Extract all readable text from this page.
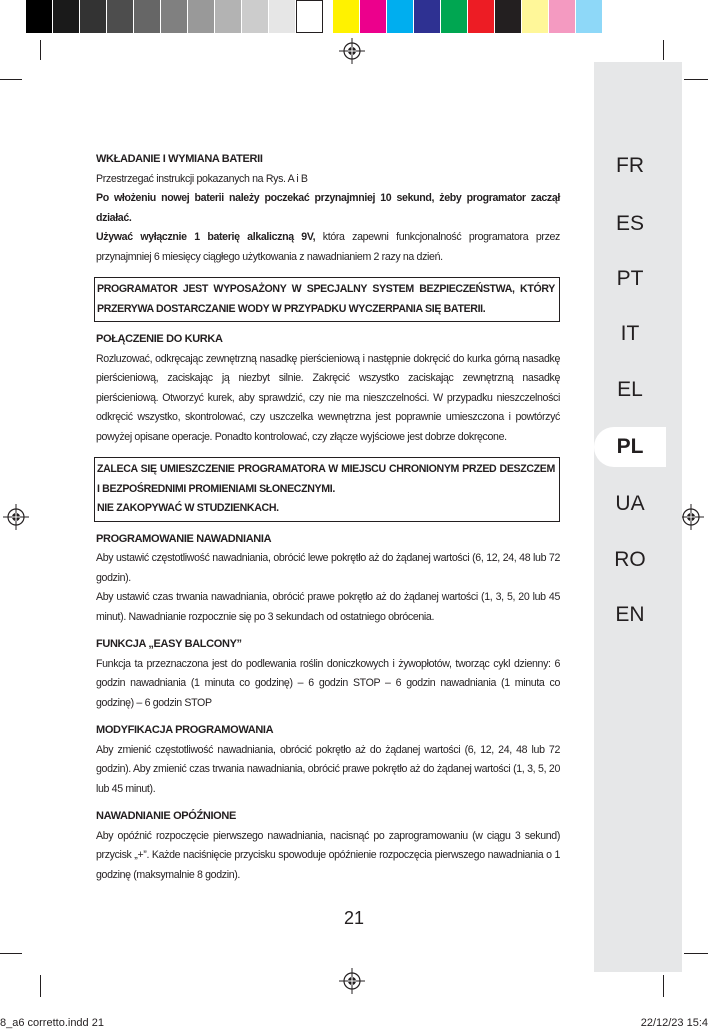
FR
ES
PT
IT
EL
PL
UA
RO
EN

WKŁADANIE I WYMIANA BATERII

Przestrzegać instrukcji pokazanych na Rys. A i B

Po włożeniu nowej baterii należy poczekać przynajmniej 10 sekund, żeby programator zaczął działać.

Używać wyłącznie 1 baterię alkaliczną 9V, która zapewni funkcjonalność programatora przez przynajmniej 6 miesięcy ciągłego użytkowania z nawadnianiem 2 razy na dzień.

PROGRAMATOR JEST WYPOSAŻONY W SPECJALNY SYSTEM BEZPIECZEŃSTWA, KTÓRY PRZERYWA DOSTARCZANIE WODY W PRZYPADKU WYCZERPANIA SIĘ BATERII.

POŁĄCZENIE DO KURKA

Rozluzować, odkręcając zewnętrzną nasadkę pierścieniową i następnie dokręcić do kurka górną nasadkę pierścieniową, zaciskając ją niezbyt silnie. Zakręcić wszystko zaciskając zewnętrzną nasadkę pierścieniową. Otworzyć kurek, aby sprawdzić, czy nie ma nieszczelności. W przypadku nieszczelności odkręcić wszystko, skontrolować, czy uszczelka wewnętrzna jest poprawnie umieszczona i powtórzyć powyżej opisane operacje. Ponadto kontrolować, czy złącze wyjściowe jest dobrze dokręcone.

ZALECA SIĘ UMIESZCZENIE PROGRAMATORA W MIEJSCU CHRONIONYM PRZED DESZCZEM I BEZPOŚREDNIMI PROMIENIAMI SŁONECZNYMI.

NIE ZAKOPYWAĆ W STUDZIENKACH.

PROGRAMOWANIE NAWADNIANIA

Aby ustawić częstotliwość nawadniania, obrócić lewe pokrętło aż do żądanej wartości (6, 12, 24, 48 lub 72 godzin).

Aby ustawić czas trwania nawadniania, obrócić prawe pokrętło aż do żądanej wartości (1, 3, 5, 20 lub 45 minut). Nawadnianie rozpocznie się po 3 sekundach od ostatniego obrócenia.

FUNKCJA „EASY BALCONY”

Funkcja ta przeznaczona jest do podlewania roślin doniczkowych i żywopłotów, tworząc cykl dzienny: 6 godzin nawadniania (1 minuta co godzinę) – 6 godzin STOP – 6 godzin nawadniania (1 minuta co godzinę) – 6 godzin STOP

MODYFIKACJA PROGRAMOWANIA

Aby zmienić częstotliwość nawadniania, obrócić pokrętło aż do żądanej wartości (6, 12, 24, 48 lub 72 godzin). Aby zmienić czas trwania nawadniania, obrócić prawe pokrętło aż do żądanej wartości (1, 3, 5, 20 lub 45 minut).

NAWADNIANIE OPÓŹNIONE

Aby opóźnić rozpoczęcie pierwszego nawadniania, nacisnąć po zaprogramowaniu (w ciągu 3 sekund) przycisk „+”. Każde naciśnięcie przycisku spowoduje opóźnienie rozpoczęcia pierwszego nawadniania o 1 godzinę (maksymalnie 8 godzin).

21
8_a6 corretto.indd 21	22/12/23 15:4
